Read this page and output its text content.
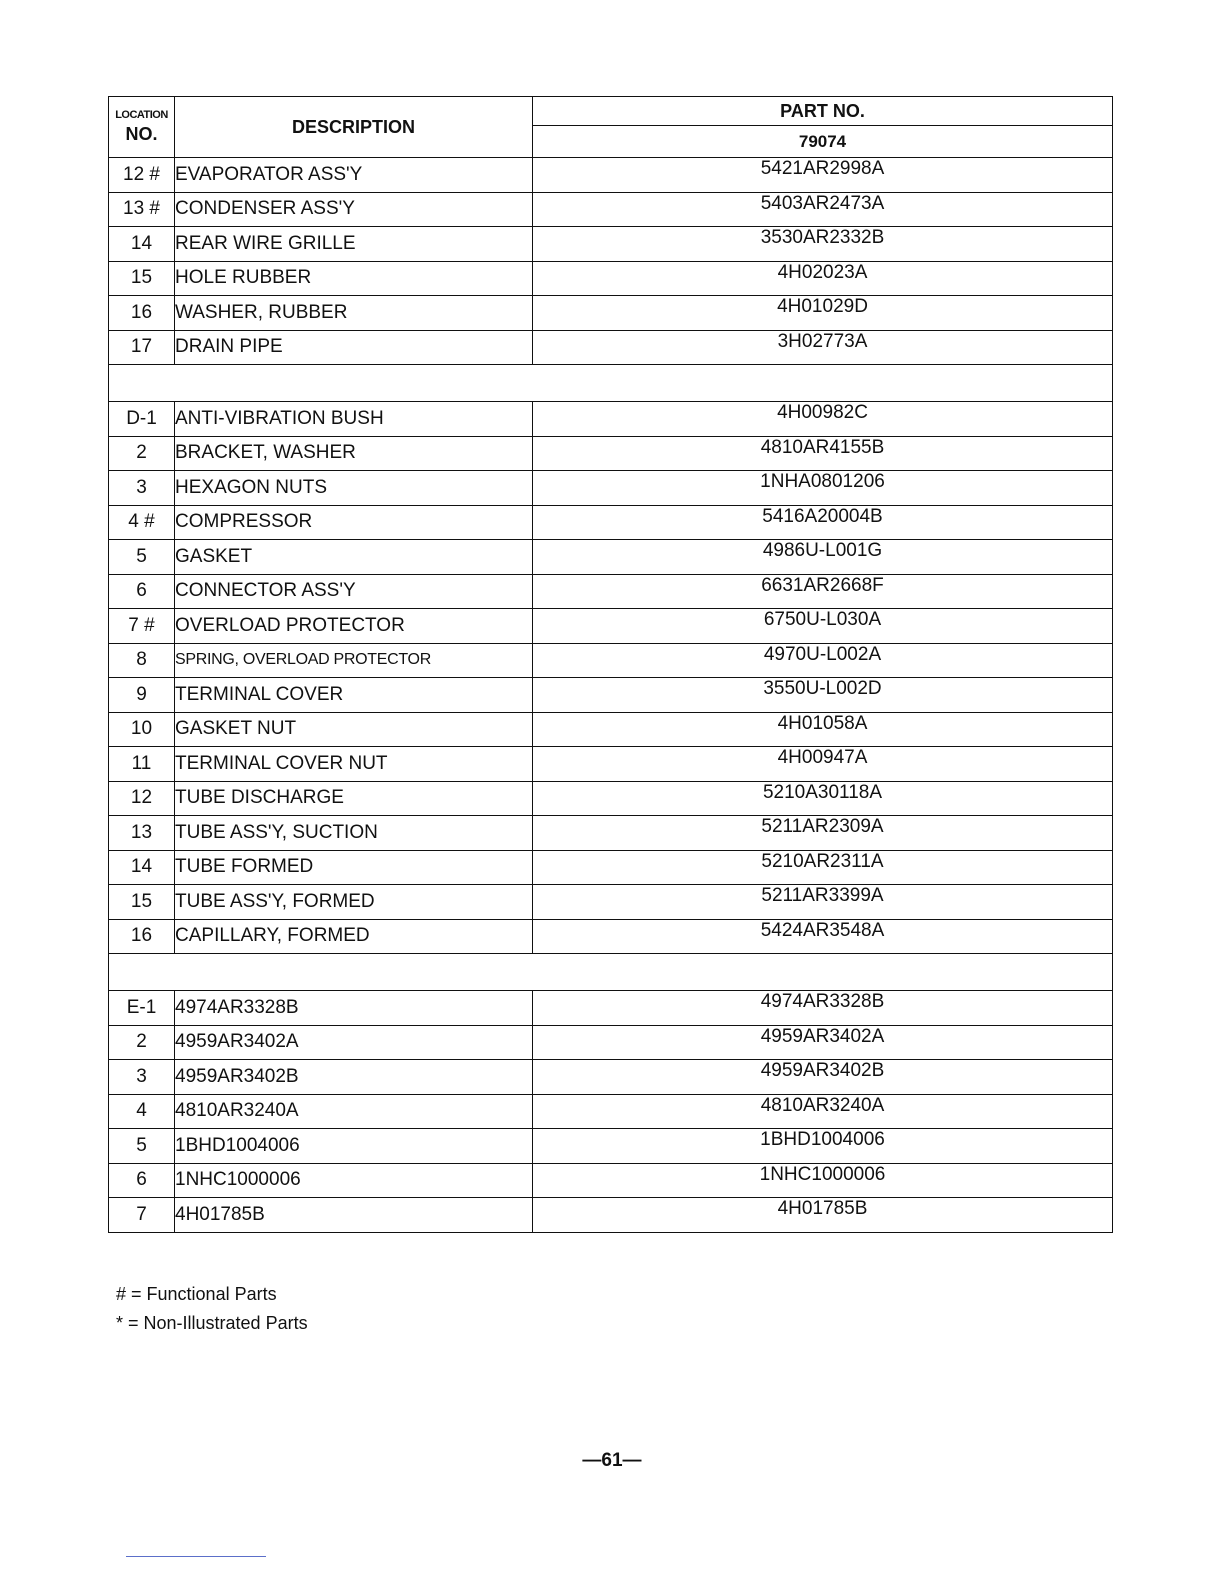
LOCATION
NO.	DESCRIPTION	PART NO.
		79074
12 #	EVAPORATOR ASS'Y	5421AR2998A
13 #	CONDENSER ASS'Y	5403AR2473A
14	REAR WIRE GRILLE	3530AR2332B
15	HOLE RUBBER	4H02023A
16	WASHER, RUBBER	4H01029D
17	DRAIN PIPE	3H02773A

D-1	ANTI-VIBRATION BUSH	4H00982C
2	BRACKET, WASHER	4810AR4155B
3	HEXAGON NUTS	1NHA0801206
4 #	COMPRESSOR	5416A20004B
5	GASKET	4986U-L001G
6	CONNECTOR ASS'Y	6631AR2668F
7 #	OVERLOAD PROTECTOR	6750U-L030A
8	SPRING, OVERLOAD PROTECTOR	4970U-L002A
9	TERMINAL COVER	3550U-L002D
10	GASKET NUT	4H01058A
11	TERMINAL COVER NUT	4H00947A
12	TUBE DISCHARGE	5210A30118A
13	TUBE ASS'Y, SUCTION	5211AR2309A
14	TUBE FORMED	5210AR2311A
15	TUBE ASS'Y, FORMED	5211AR3399A
16	CAPILLARY, FORMED	5424AR3548A

E-1	4974AR3328B	4974AR3328B
2	4959AR3402A	4959AR3402A
3	4959AR3402B	4959AR3402B
4	4810AR3240A	4810AR3240A
5	1BHD1004006	1BHD1004006
6	1NHC1000006	1NHC1000006
7	4H01785B	4H01785B
# = Functional Parts
* = Non-Illustrated Parts
—61—
